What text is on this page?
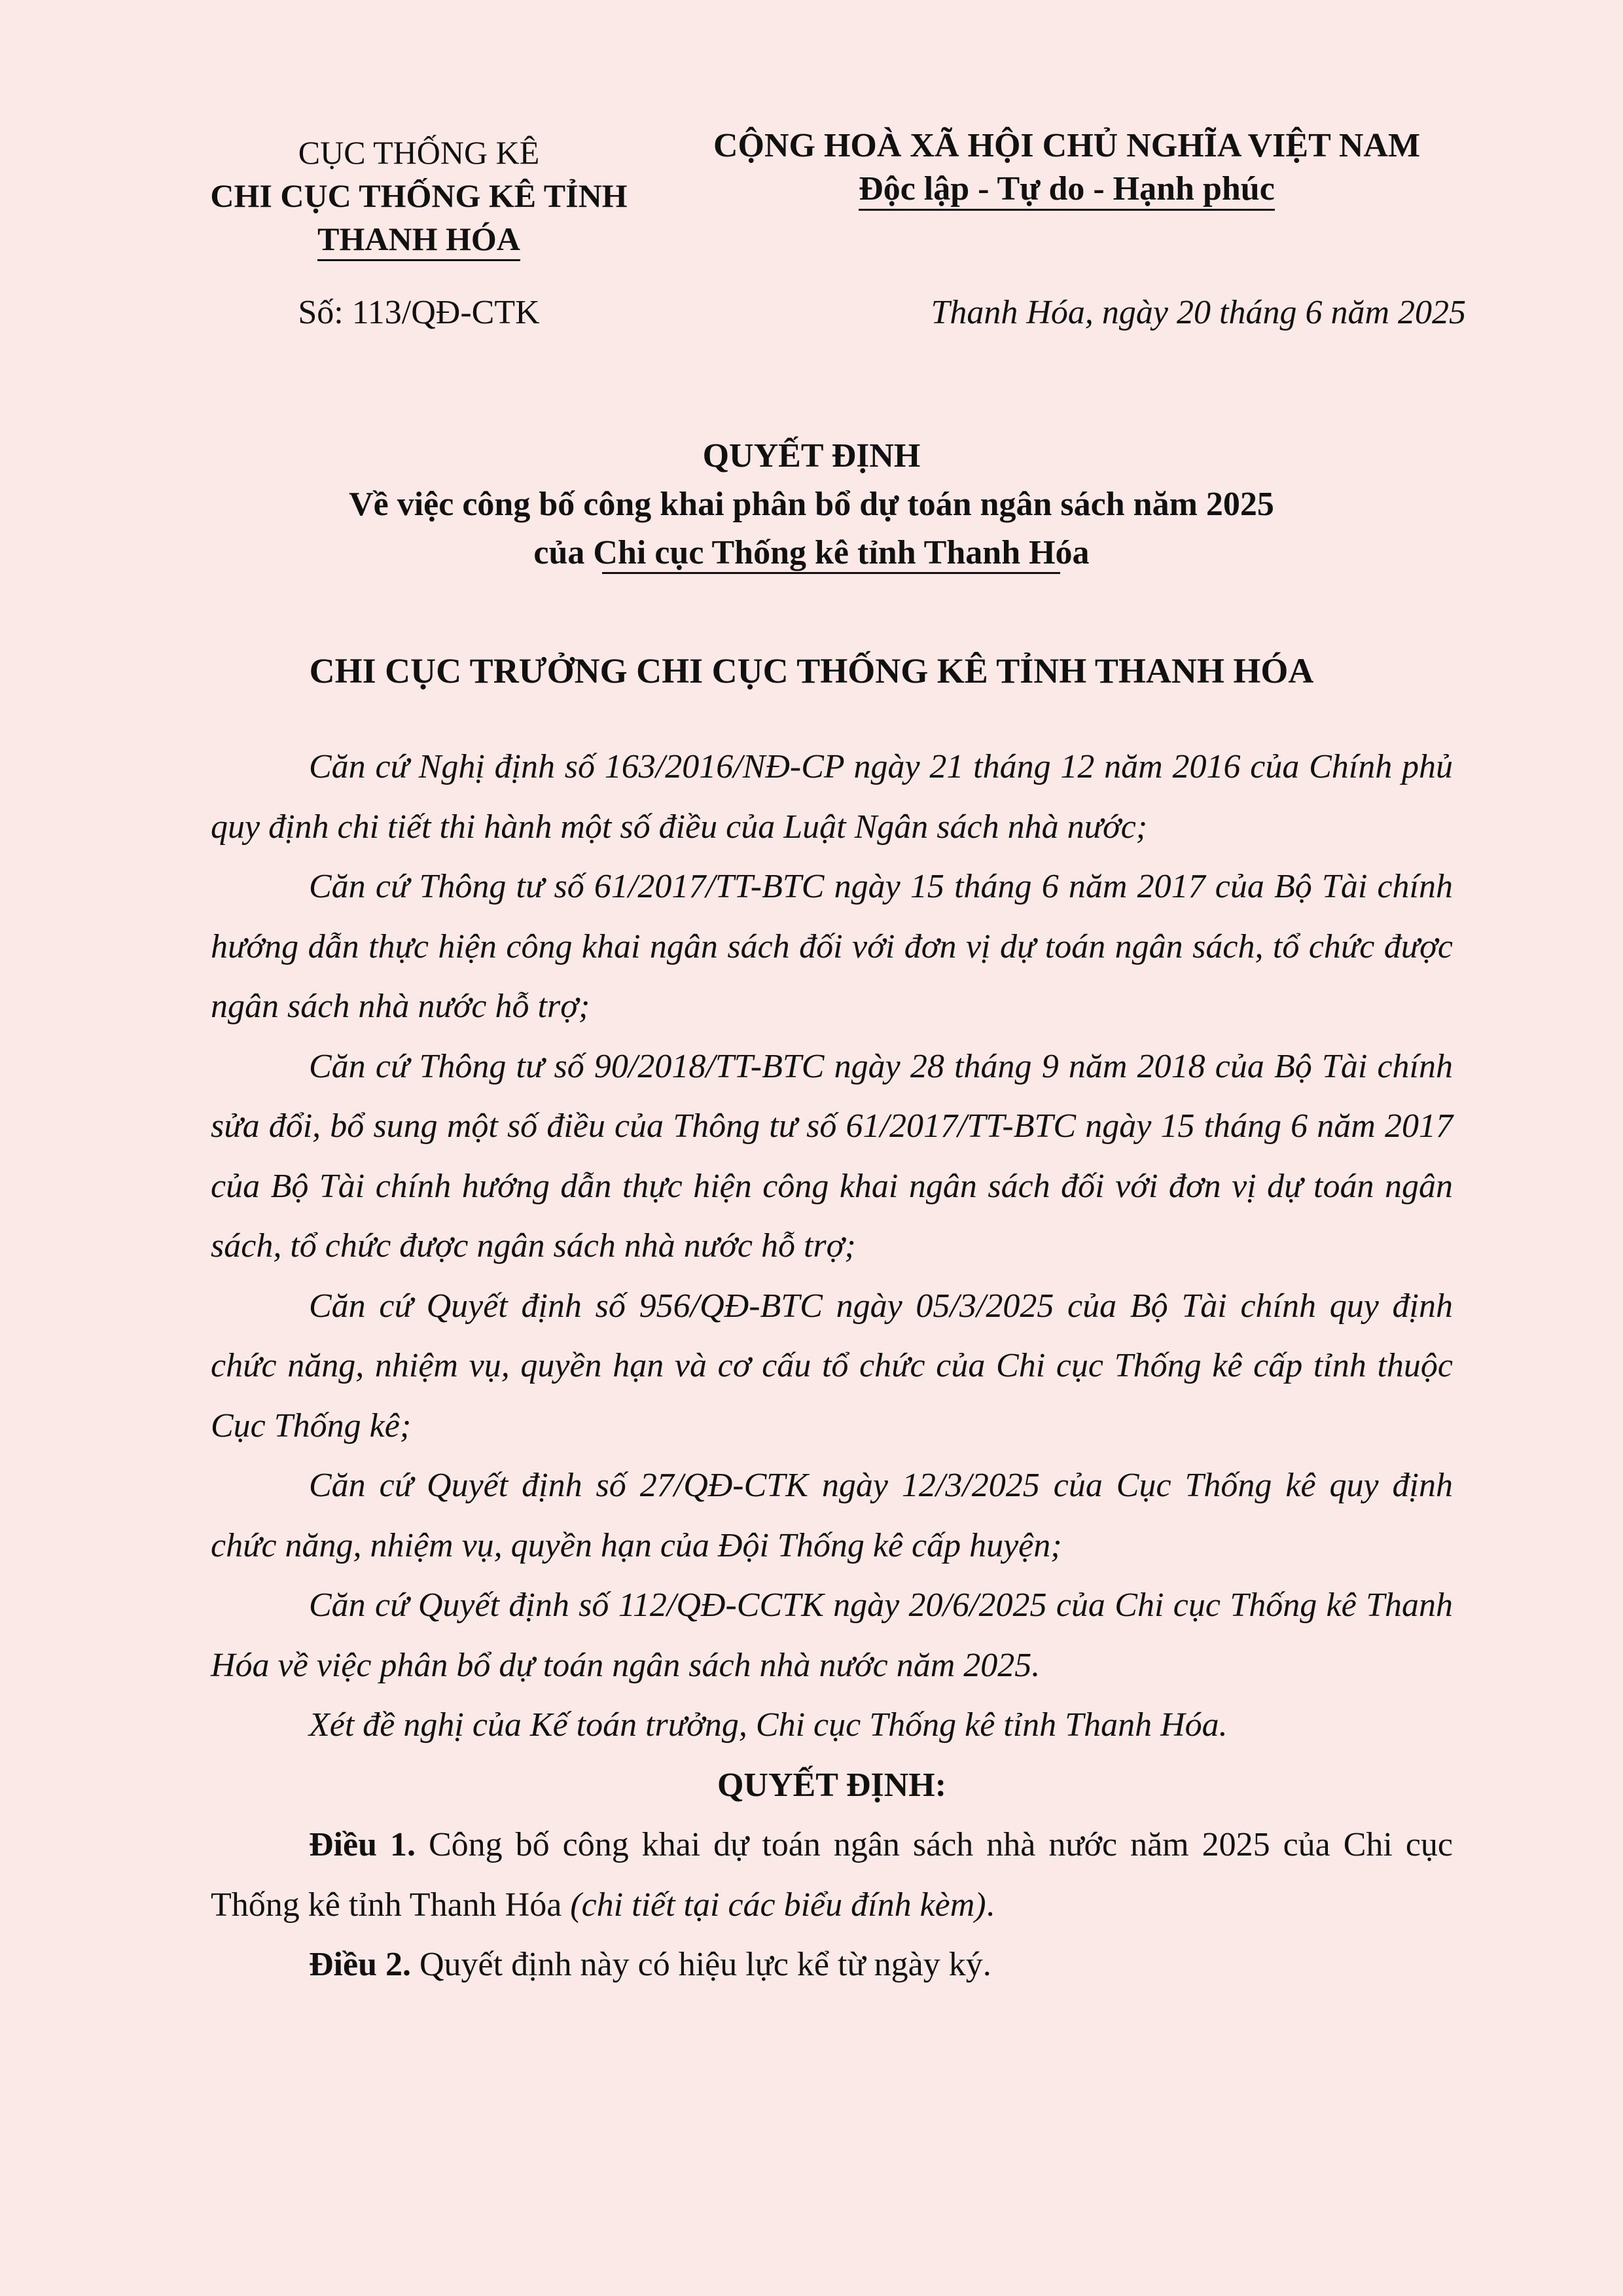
CỤC THỐNG KÊ
CHI CỤC THỐNG KÊ TỈNH
THANH HÓA
CỘNG HOÀ XÃ HỘI CHỦ NGHĨA VIỆT NAM
Độc lập - Tự do - Hạnh phúc
Số: 113/QĐ-CTK	Thanh Hóa, ngày 20 tháng 6 năm 2025
QUYẾT ĐỊNH
Về việc công bố công khai phân bổ dự toán ngân sách năm 2025
của Chi cục Thống kê tỉnh Thanh Hóa
CHI CỤC TRƯỞNG CHI CỤC THỐNG KÊ TỈNH THANH HÓA

Căn cứ Nghị định số 163/2016/NĐ-CP ngày 21 tháng 12 năm 2016 của Chính phủ quy định chi tiết thi hành một số điều của Luật Ngân sách nhà nước;

Căn cứ Thông tư số 61/2017/TT-BTC ngày 15 tháng 6 năm 2017 của Bộ Tài chính hướng dẫn thực hiện công khai ngân sách đối với đơn vị dự toán ngân sách, tổ chức được ngân sách nhà nước hỗ trợ;

Căn cứ Thông tư số 90/2018/TT-BTC ngày 28 tháng 9 năm 2018 của Bộ Tài chính sửa đổi, bổ sung một số điều của Thông tư số 61/2017/TT-BTC ngày 15 tháng 6 năm 2017 của Bộ Tài chính hướng dẫn thực hiện công khai ngân sách đối với đơn vị dự toán ngân sách, tổ chức được ngân sách nhà nước hỗ trợ;

Căn cứ Quyết định số 956/QĐ-BTC ngày 05/3/2025 của Bộ Tài chính quy định chức năng, nhiệm vụ, quyền hạn và cơ cấu tổ chức của Chi cục Thống kê cấp tỉnh thuộc Cục Thống kê;

Căn cứ Quyết định số 27/QĐ-CTK ngày 12/3/2025 của Cục Thống kê quy định chức năng, nhiệm vụ, quyền hạn của Đội Thống kê cấp huyện;

Căn cứ Quyết định số 112/QĐ-CCTK ngày 20/6/2025 của Chi cục Thống kê Thanh Hóa về việc phân bổ dự toán ngân sách nhà nước năm 2025.

Xét đề nghị của Kế toán trưởng, Chi cục Thống kê tỉnh Thanh Hóa.

QUYẾT ĐỊNH:

Điều 1. Công bố công khai dự toán ngân sách nhà nước năm 2025 của Chi cục Thống kê tỉnh Thanh Hóa (chi tiết tại các biểu đính kèm).

Điều 2. Quyết định này có hiệu lực kể từ ngày ký.
